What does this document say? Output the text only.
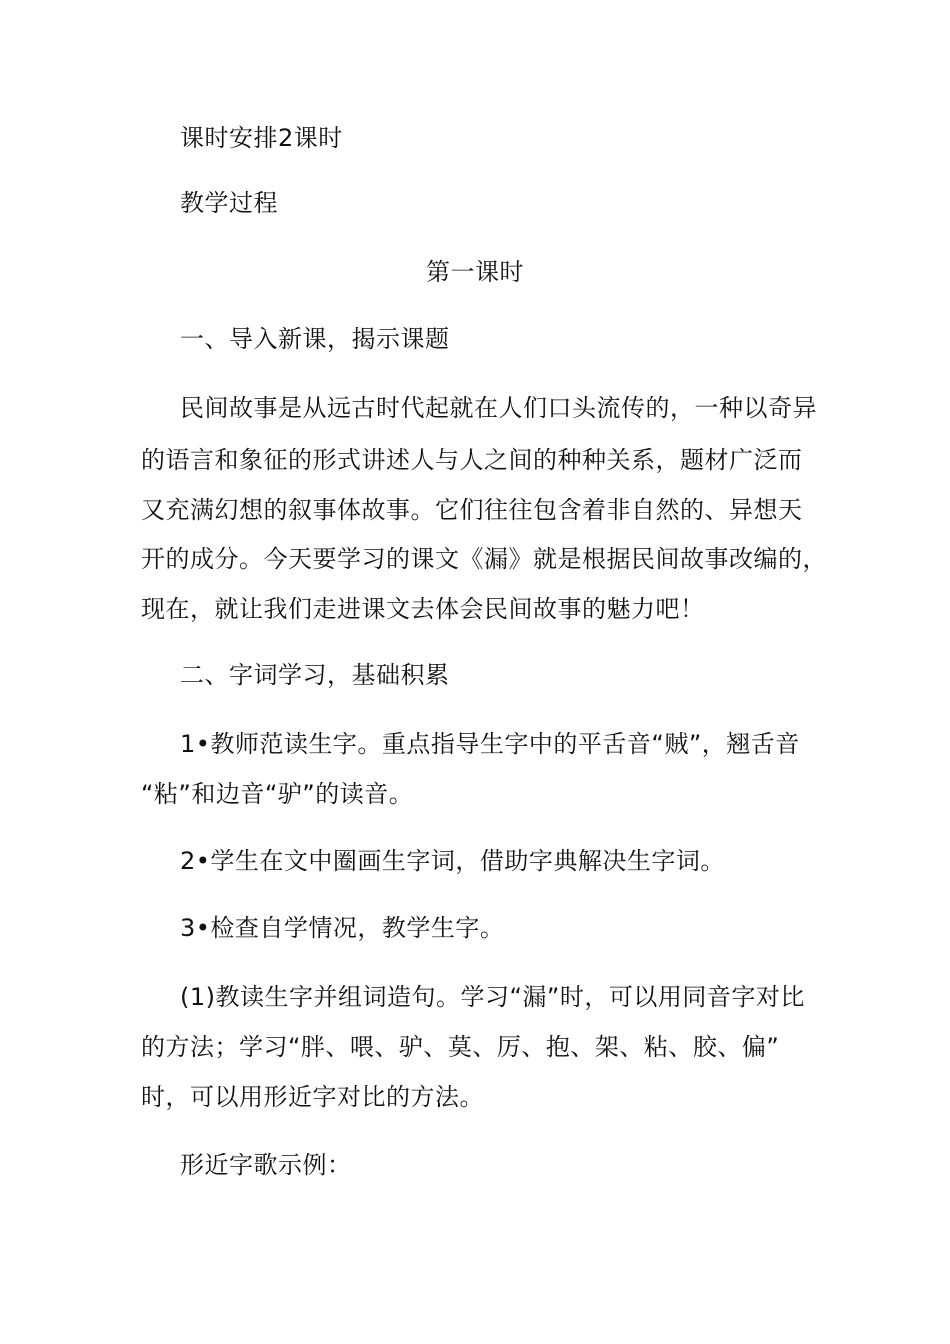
课时安排2课时
教学过程
第一课时
一、导入新课，揭示课题
民间故事是从远古时代起就在人们口头流传的，一种以奇异
的语言和象征的形式讲述人与人之间的种种关系，题材广泛而
又充满幻想的叙事体故事。它们往往包含着非自然的、异想天
开的成分。今天要学习的课文《漏》就是根据民间故事改编的，
现在，就让我们走进课文去体会民间故事的魅力吧！
二、字词学习，基础积累
1•教师范读生字。重点指导生字中的平舌音“贼”，翘舌音
“粘”和边音“驴”的读音。
2•学生在文中圈画生字词，借助字典解决生字词。
3•检查自学情况，教学生字。
(1)教读生字并组词造句。学习“漏”时，可以用同音字对比
的方法；学习“胖、喂、驴、莫、厉、抱、架、粘、胶、偏”
时，可以用形近字对比的方法。
形近字歌示例：
